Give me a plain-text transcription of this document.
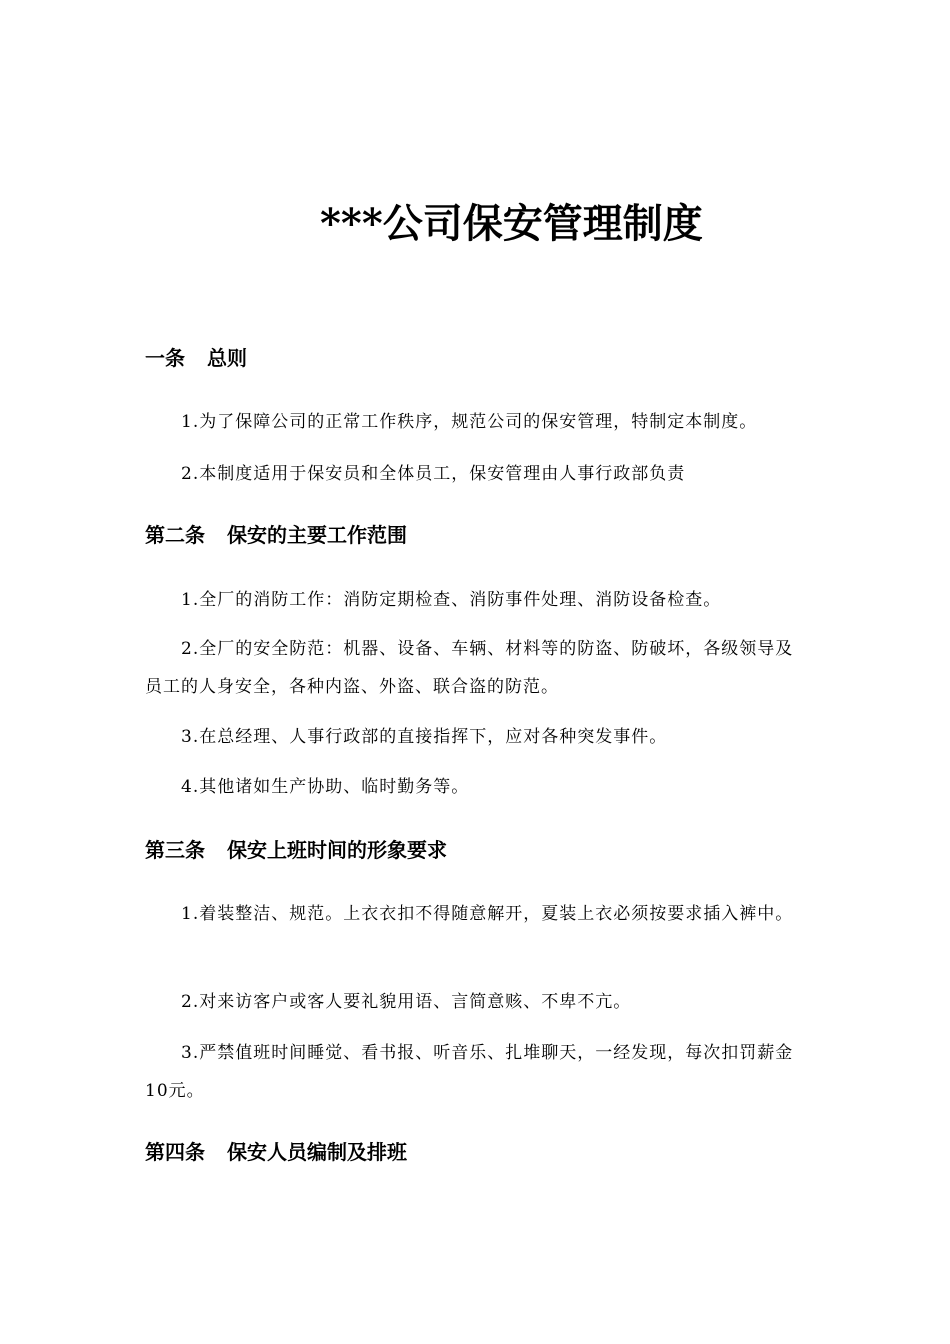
***公司保安管理制度
一条 总则

1.为了保障公司的正常工作秩序，规范公司的保安管理，特制定本制度。

2.本制度适用于保安员和全体员工，保安管理由人事行政部负责

第二条 保安的主要工作范围

1.全厂的消防工作：消防定期检查、消防事件处理、消防设备检查。

2.全厂的安全防范：机器、设备、车辆、材料等的防盗、防破坏，各级领导及员工的人身安全，各种内盗、外盗、联合盗的防范。

3.在总经理、人事行政部的直接指挥下，应对各种突发事件。

4.其他诸如生产协助、临时勤务等。

第三条 保安上班时间的形象要求

1.着装整洁、规范。上衣衣扣不得随意解开，夏装上衣必须按要求插入裤中。

2.对来访客户或客人要礼貌用语、言简意赅、不卑不亢。

3.严禁值班时间睡觉、看书报、听音乐、扎堆聊天，一经发现，每次扣罚薪金10元。

第四条 保安人员编制及排班
